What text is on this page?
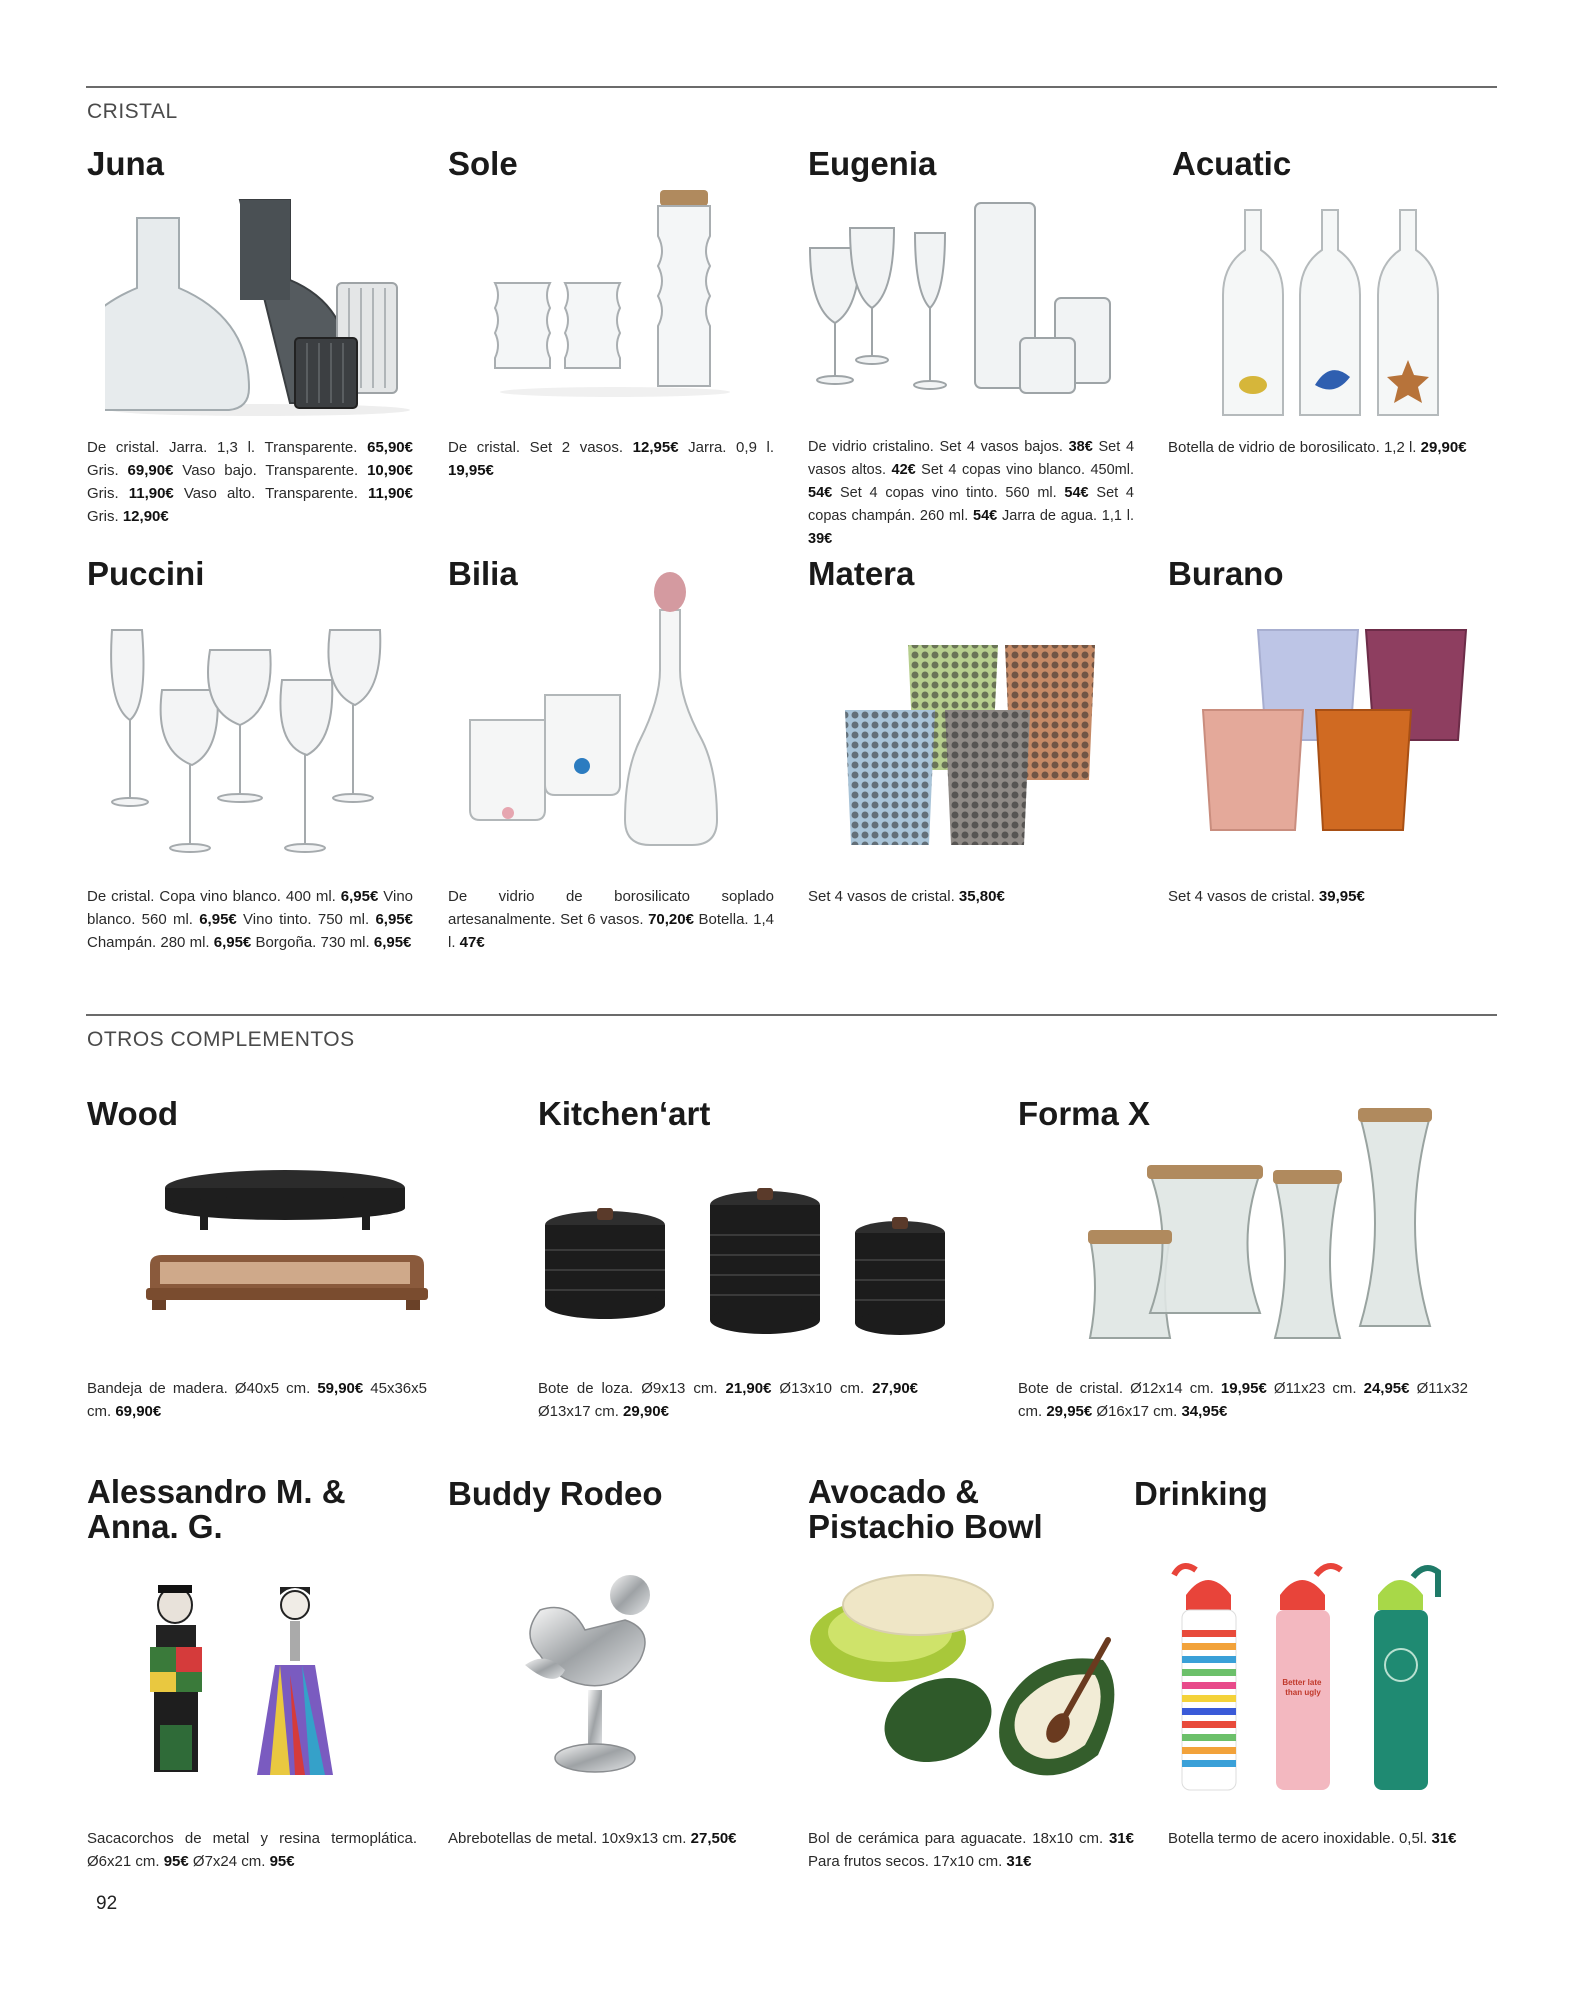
CRISTAL
Juna
De cristal. Jarra. 1,3 l. Transparente. 65,90€ Gris. 69,90€ Vaso bajo. Transparente. 10,90€ Gris. 11,90€ Vaso alto. Transparente. 11,90€ Gris. 12,90€
Sole
De cristal. Set 2 vasos. 12,95€ Jarra. 0,9 l. 19,95€
Eugenia
De vidrio cristalino. Set 4 vasos bajos. 38€ Set 4 vasos altos. 42€ Set 4 copas vino blanco. 450ml. 54€ Set 4 copas vino tinto. 560 ml. 54€ Set 4 copas champán. 260 ml. 54€ Jarra de agua. 1,1 l. 39€
Acuatic
Botella de vidrio de borosilicato. 1,2 l. 29,90€
Puccini
De cristal. Copa vino blanco. 400 ml. 6,95€ Vino blanco. 560 ml. 6,95€ Vino tinto. 750 ml. 6,95€ Champán. 280 ml. 6,95€ Borgoña. 730 ml. 6,95€
Bilia
De vidrio de borosilicato soplado artesanalmente. Set 6 vasos. 70,20€ Botella. 1,4 l. 47€
Matera
Set 4 vasos de cristal. 35,80€
Burano
Set 4 vasos de cristal. 39,95€
OTROS COMPLEMENTOS
Wood
Bandeja de madera. Ø40x5 cm. 59,90€ 45x36x5 cm. 69,90€
Kitchen‘art
Bote de loza. Ø9x13 cm. 21,90€ Ø13x10 cm. 27,90€ Ø13x17 cm. 29,90€
Forma X
Bote de cristal. Ø12x14 cm. 19,95€ Ø11x23 cm. 24,95€ Ø11x32 cm. 29,95€ Ø16x17 cm. 34,95€
Alessandro M. &
Anna. G.
Sacacorchos de metal y resina termoplática. Ø6x21 cm. 95€ Ø7x24 cm. 95€
Buddy Rodeo
Abrebotellas de metal. 10x9x13 cm. 27,50€
Avocado &
Pistachio Bowl
Bol de cerámica para aguacate. 18x10 cm. 31€ Para frutos secos. 17x10 cm. 31€
Drinking
Better late than ugly
Botella termo de acero inoxidable. 0,5l. 31€
92
